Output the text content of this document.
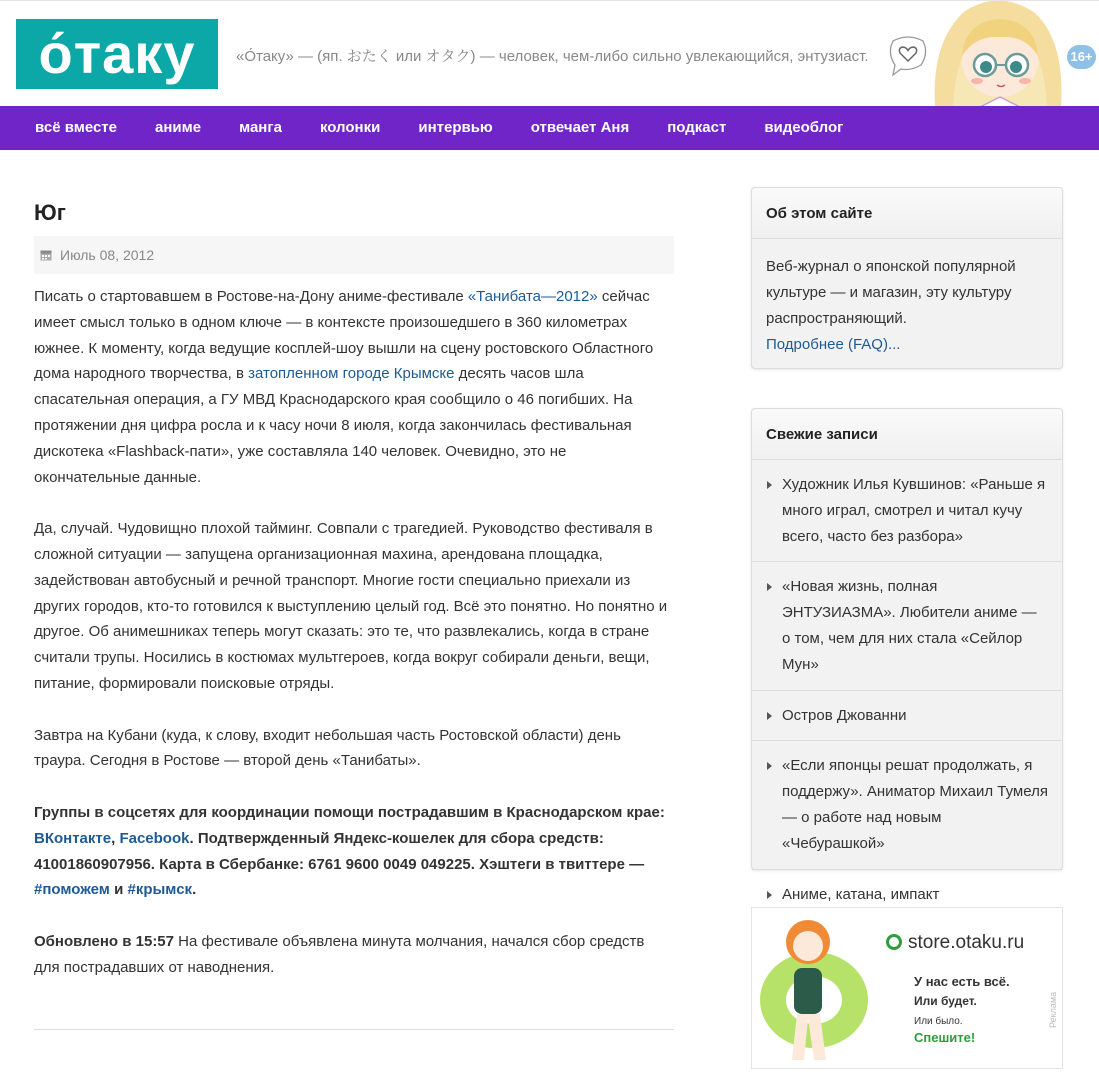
о́таку	«О́таку» — (яп. おたく или オタク) — человек, чем-либо сильно увлекающийся, энтузиаст.	16+
всё вместе	аниме	манга	колонки	интервью	отвечает Аня	подкаст	видеоблог
Юг
Июль 08, 2012

Писать о стартовавшем в Ростове-на-Дону аниме-фестивале «Танибата—2012» сейчас имеет смысл только в одном ключе — в контексте произошедшего в 360 километрах южнее. К моменту, когда ведущие косплей-шоу вышли на сцену ростовского Областного дома народного творчества, в затопленном городе Крымске десять часов шла спасательная операция, а ГУ МВД Краснодарского края сообщило о 46 погибших. На протяжении дня цифра росла и к часу ночи 8 июля, когда закончилась фестивальная дискотека «Flashback-пати», уже составляла 140 человек. Очевидно, это не окончательные данные.

Да, случай. Чудовищно плохой тайминг. Совпали с трагедией. Руководство фестиваля в сложной ситуации — запущена организационная махина, арендована площадка, задействован автобусный и речной транспорт. Многие гости специально приехали из других городов, кто-то готовился к выступлению целый год. Всё это понятно. Но понятно и другое. Об анимешниках теперь могут сказать: это те, что развлекались, когда в стране считали трупы. Носились в костюмах мультгероев, когда вокруг собирали деньги, вещи, питание, формировали поисковые отряды.

Завтра на Кубани (куда, к слову, входит небольшая часть Ростовской области) день траура. Сегодня в Ростове — второй день «Танибаты».

Группы в соцсетях для координации помощи пострадавшим в Краснодарском крае: ВКонтакте, Facebook. Подтвержденный Яндекс-кошелек для сбора средств: 41001860907956. Карта в Сбербанке: 6761 9600 0049 049225. Хэштеги в твиттере — #поможем и #крымск.

Обновлено в 15:57 На фестивале объявлена минута молчания, начался сбор средств для пострадавших от наводнения.

Об этом сайте
Веб-журнал о японской популярной культуре — и магазин, эту культуру распространяющий.
Подробнее (FAQ)...
Свежие записи
Художник Илья Кувшинов: «Раньше я много играл, смотрел и читал кучу всего, часто без разбора»
«Новая жизнь, полная ЭНТУЗИАЗМА». Любители аниме — о том, чем для них стала «Сейлор Мун»
Остров Джованни
«Если японцы решат продолжать, я поддержу». Аниматор Михаил Тумеля — о работе над новым «Чебурашкой»
Аниме, катана, импакт
store.otaku.ru
У нас есть всё.
Или будет.
Или было.
Спешите!
Реклама
